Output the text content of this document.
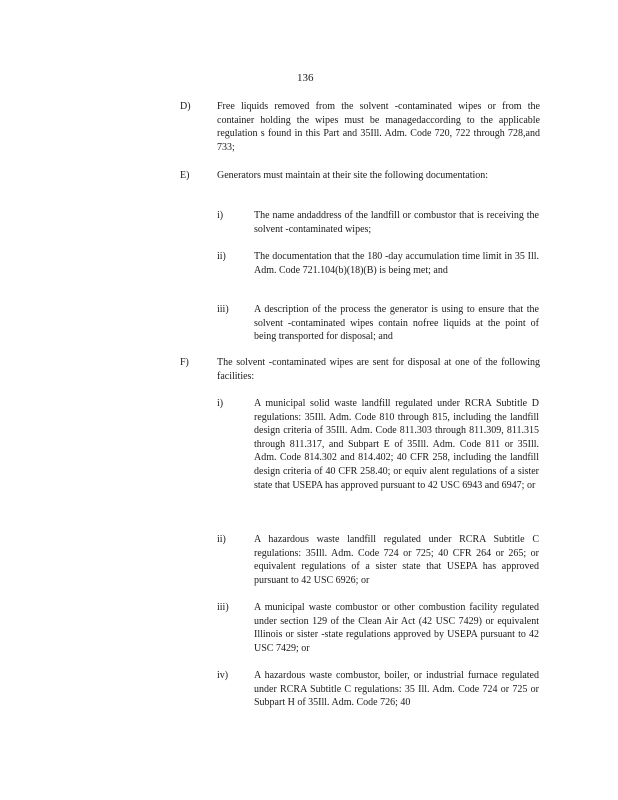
136
D)	Free liquids removed from the solvent -contaminated wipes or from the container holding the wipes must be managedaccording to the applicable regulation s found in this Part and 35Ill. Adm. Code 720, 722 through 728,and 733;
E)	Generators must maintain at their site the following documentation:
i)	The name andaddress of the landfill or combustor that is receiving the solvent -contaminated wipes;
ii)	The documentation that the 180 -day accumulation time limit in 35 Ill. Adm. Code 721.104(b)(18)(B) is being met; and
iii)	A description of the process the generator is using to ensure that the solvent -contaminated wipes contain nofree liquids at the point of being transported for disposal; and
F)	The solvent -contaminated wipes are sent for disposal at one of the following facilities:
i)	A municipal solid waste landfill regulated under RCRA Subtitle D regulations: 35Ill. Adm. Code 810 through 815, including the landfill design criteria of 35Ill. Adm. Code 811.303 through 811.309, 811.315 through 811.317, and Subpart E of 35Ill. Adm. Code 811 or 35Ill. Adm. Code 814.302 and 814.402; 40 CFR 258, including the landfill design criteria of 40 CFR 258.40; or equiv alent regulations of a sister state that USEPA has approved pursuant to 42 USC 6943 and 6947; or
ii)	A hazardous waste landfill regulated under RCRA Subtitle C regulations: 35Ill. Adm. Code 724 or 725; 40 CFR 264 or 265; or equivalent regulations of a sister state that USEPA has approved pursuant to 42 USC 6926; or
iii)	A municipal waste combustor or other combustion facility regulated under section 129 of the Clean Air Act (42 USC 7429) or equivalent Illinois or sister -state regulations approved by USEPA pursuant to 42 USC 7429; or
iv)	A hazardous waste combustor, boiler, or industrial furnace regulated under RCRA Subtitle C regulations: 35 Ill. Adm. Code 724 or 725 or Subpart H of 35Ill. Adm. Code 726; 40
